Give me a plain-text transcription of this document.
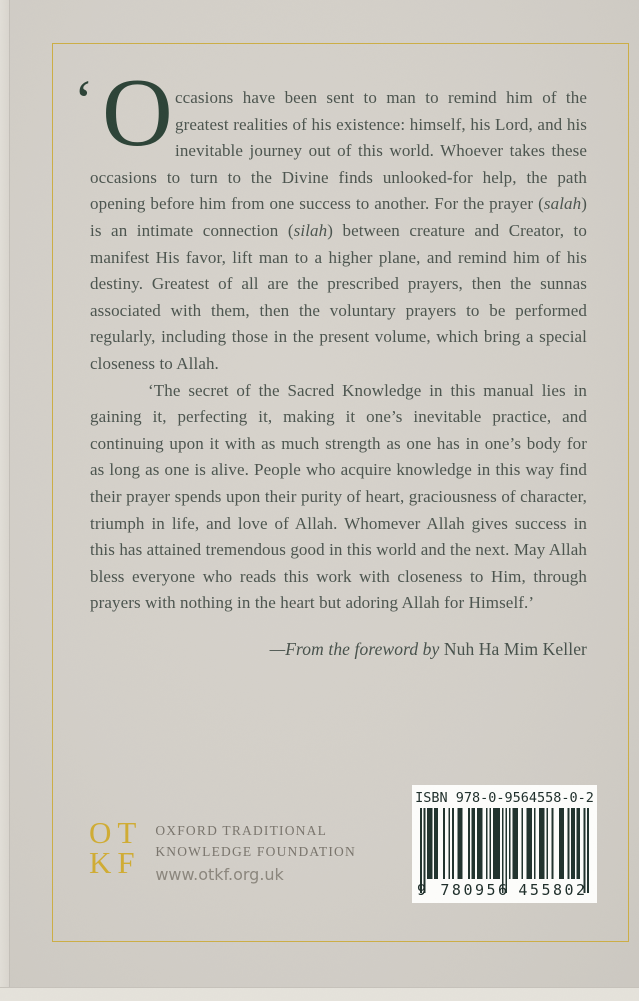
‘ O ccasions have been sent to man to remind him of the greatest realities of his existence: himself, his Lord, and his inevitable journey out of this world. Whoever takes these occasions to turn to the Divine finds unlooked-for help, the path opening before him from one success to another. For the prayer (salah) is an intimate connection (silah) between creature and Creator, to manifest His favor, lift man to a higher plane, and remind him of his destiny. Greatest of all are the prescribed prayers, then the sunnas associated with them, then the voluntary prayers to be performed regularly, including those in the present volume, which bring a special closeness to Allah.

‘The secret of the Sacred Knowledge in this manual lies in gaining it, perfecting it, making it one’s inevitable practice, and continuing upon it with as much strength as one has in one’s body for as long as one is alive. People who acquire knowledge in this way find their prayer spends upon their purity of heart, graciousness of character, triumph in life, and love of Allah. Whomever Allah gives success in this has attained tremendous good in this world and the next. May Allah bless everyone who reads this work with closeness to Him, through prayers with nothing in the heart but adoring Allah for Himself.’

—From the foreword by Nuh Ha Mim Keller
OT
KF
OXFORD TRADITIONAL
KNOWLEDGE FOUNDATION
www.otkf.org.uk
ISBN 978-0-9564558-0-2
9 780956 455802
